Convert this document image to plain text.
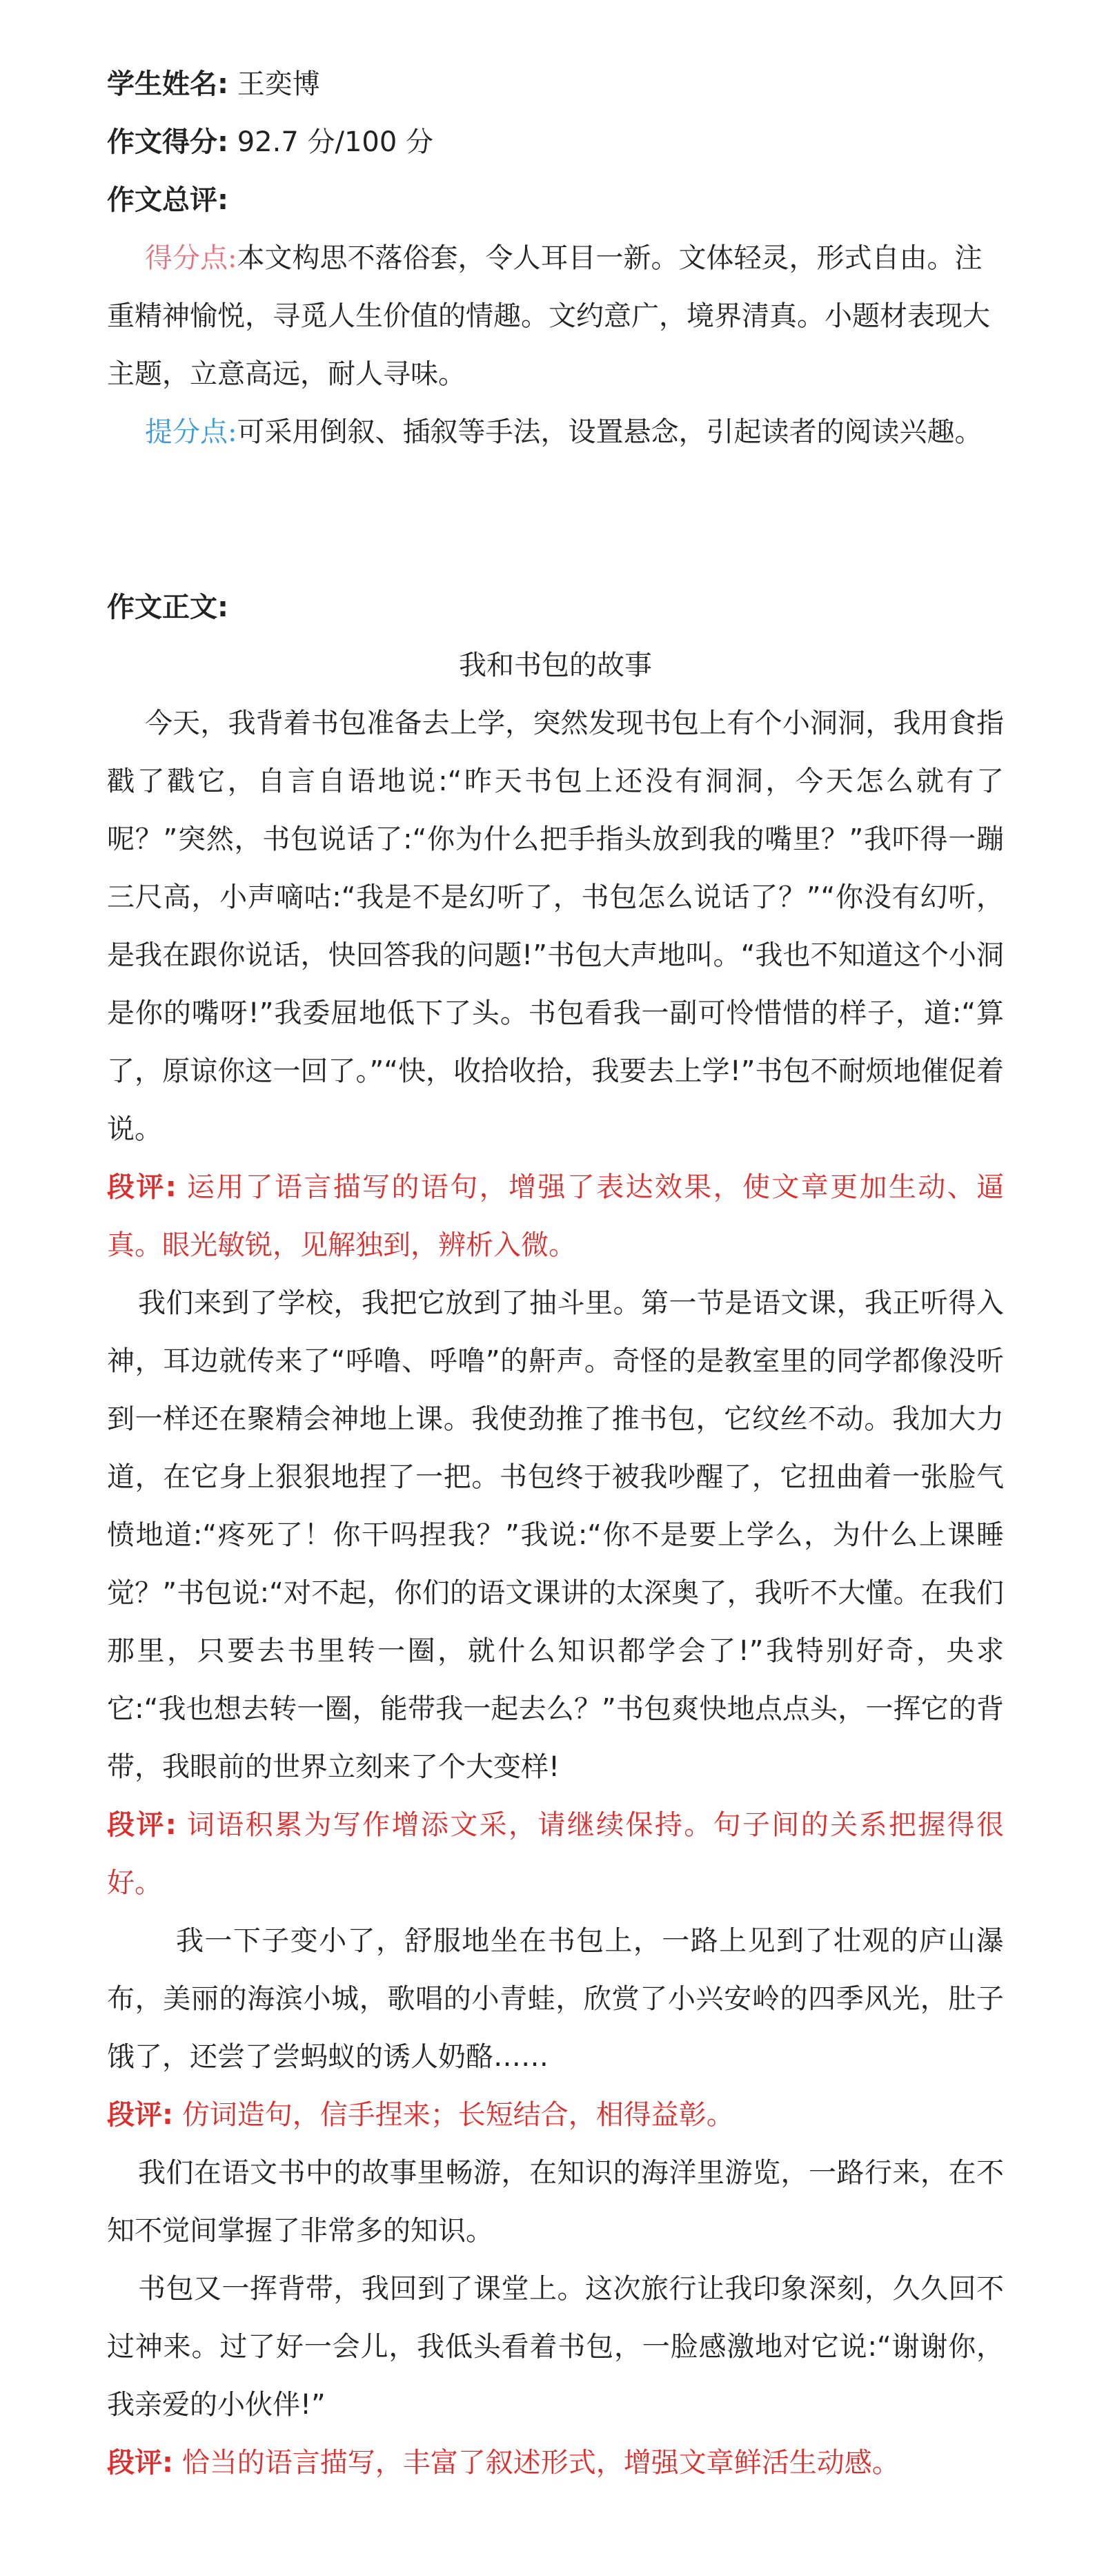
学生姓名: 王奕博
作文得分: 92.7 分/100 分
作文总评:

得分点:本文构思不落俗套，令人耳目一新。文体轻灵，形式自由。注重精神愉悦，寻觅人生价值的情趣。文约意广，境界清真。小题材表现大主题，立意高远，耐人寻味。

提分点:可采用倒叙、插叙等手法，设置悬念，引起读者的阅读兴趣。

作文正文:
我和书包的故事

今天，我背着书包准备去上学，突然发现书包上有个小洞洞，我用食指戳了戳它，自言自语地说:“昨天书包上还没有洞洞，今天怎么就有了呢？”突然，书包说话了:“你为什么把手指头放到我的嘴里？”我吓得一蹦三尺高，小声嘀咕:“我是不是幻听了，书包怎么说话了？”“你没有幻听，是我在跟你说话，快回答我的问题!”书包大声地叫。“我也不知道这个小洞是你的嘴呀!”我委屈地低下了头。书包看我一副可怜惜惜的样子，道:“算了，原谅你这一回了。”“快，收拾收拾，我要去上学!”书包不耐烦地催促着说。

段评: 运用了语言描写的语句，增强了表达效果，使文章更加生动、逼真。眼光敏锐，见解独到，辨析入微。

我们来到了学校，我把它放到了抽斗里。第一节是语文课，我正听得入神，耳边就传来了“呼噜、呼噜”的鼾声。奇怪的是教室里的同学都像没听到一样还在聚精会神地上课。我使劲推了推书包，它纹丝不动。我加大力道，在它身上狠狠地捏了一把。书包终于被我吵醒了，它扭曲着一张脸气愤地道:“疼死了！你干吗捏我？”我说:“你不是要上学么，为什么上课睡觉？”书包说:“对不起，你们的语文课讲的太深奥了，我听不大懂。在我们那里，只要去书里转一圈，就什么知识都学会了!”我特别好奇，央求它:“我也想去转一圈，能带我一起去么？”书包爽快地点点头，一挥它的背带，我眼前的世界立刻来了个大变样!

段评: 词语积累为写作增添文采，请继续保持。句子间的关系把握得很好。

我一下子变小了，舒服地坐在书包上，一路上见到了壮观的庐山瀑布，美丽的海滨小城，歌唱的小青蛙，欣赏了小兴安岭的四季风光，肚子饿了，还尝了尝蚂蚁的诱人奶酪……

段评: 仿词造句，信手捏来；长短结合，相得益彰。

我们在语文书中的故事里畅游，在知识的海洋里游览，一路行来，在不知不觉间掌握了非常多的知识。

书包又一挥背带，我回到了课堂上。这次旅行让我印象深刻，久久回不过神来。过了好一会儿，我低头看着书包，一脸感激地对它说:“谢谢你，我亲爱的小伙伴!”

段评: 恰当的语言描写，丰富了叙述形式，增强文章鲜活生动感。
